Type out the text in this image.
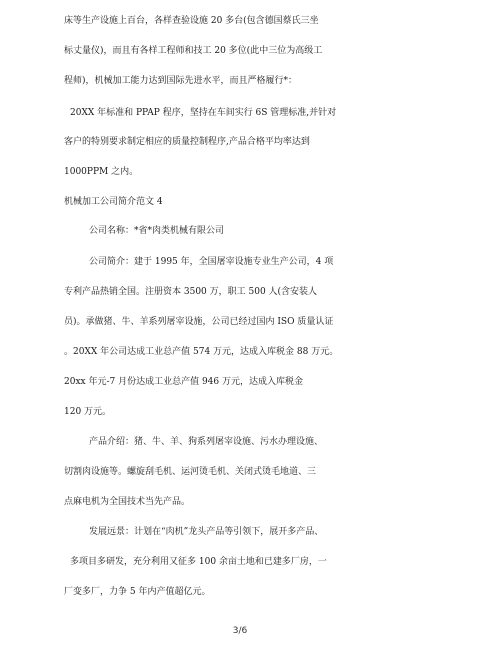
床等生产设施上百台，各样查验设施 20 多台(包含德国蔡氏三坐
标丈量仪)，而且有各样工程师和技工 20 多位(此中三位为高级工
程师)，机械加工能力达到国际先进水平，而且严格履行*：
20XX 年标准和 PPAP 程序，坚持在车间实行 6S 管理标准,并针对
客户的特别要求制定相应的质量控制程序,产品合格平均率达到
1000PPM 之内。
机械加工公司简介范文 4
公司名称：*省*肉类机械有限公司
公司简介：建于 1995 年，全国屠宰设施专业生产公司，4 项
专利产品热销全国。注册资本 3500 万，职工 500 人(含安装人
员)。承做猪、牛、羊系列屠宰设施，公司已经过国内 ISO 质量认证
。20XX 年公司达成工业总产值 574 万元，达成入库税金 88 万元。
20xx 年元-7 月份达成工业总产值 946 万元，达成入库税金
120 万元。
产品介绍：猪、牛、羊、狗系列屠宰设施、污水办理设施、
切割肉设施等。螺旋刮毛机、运河烫毛机、关闭式烫毛地道、三
点麻电机为全国技术当先产品。
发展远景：计划在“肉机”龙头产品等引领下，展开多产品、
多项目多研发，充分利用又征多 100 余亩土地和已建多厂房，一
厂变多厂，力争 5 年内产值超亿元。
3/6
